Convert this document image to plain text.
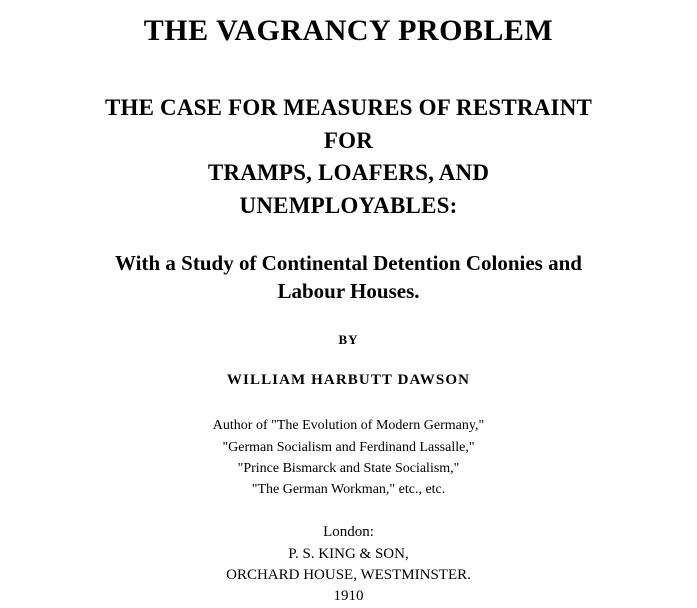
THE VAGRANCY PROBLEM
THE CASE FOR MEASURES OF RESTRAINT
FOR
TRAMPS, LOAFERS, AND
UNEMPLOYABLES:
With a Study of Continental Detention Colonies and
Labour Houses.
BY
WILLIAM HARBUTT DAWSON
Author of "The Evolution of Modern Germany,"
"German Socialism and Ferdinand Lassalle,"
"Prince Bismarck and State Socialism,"
"The German Workman," etc., etc.
London:
P. S. KING & SON,
ORCHARD HOUSE, WESTMINSTER.
1910
